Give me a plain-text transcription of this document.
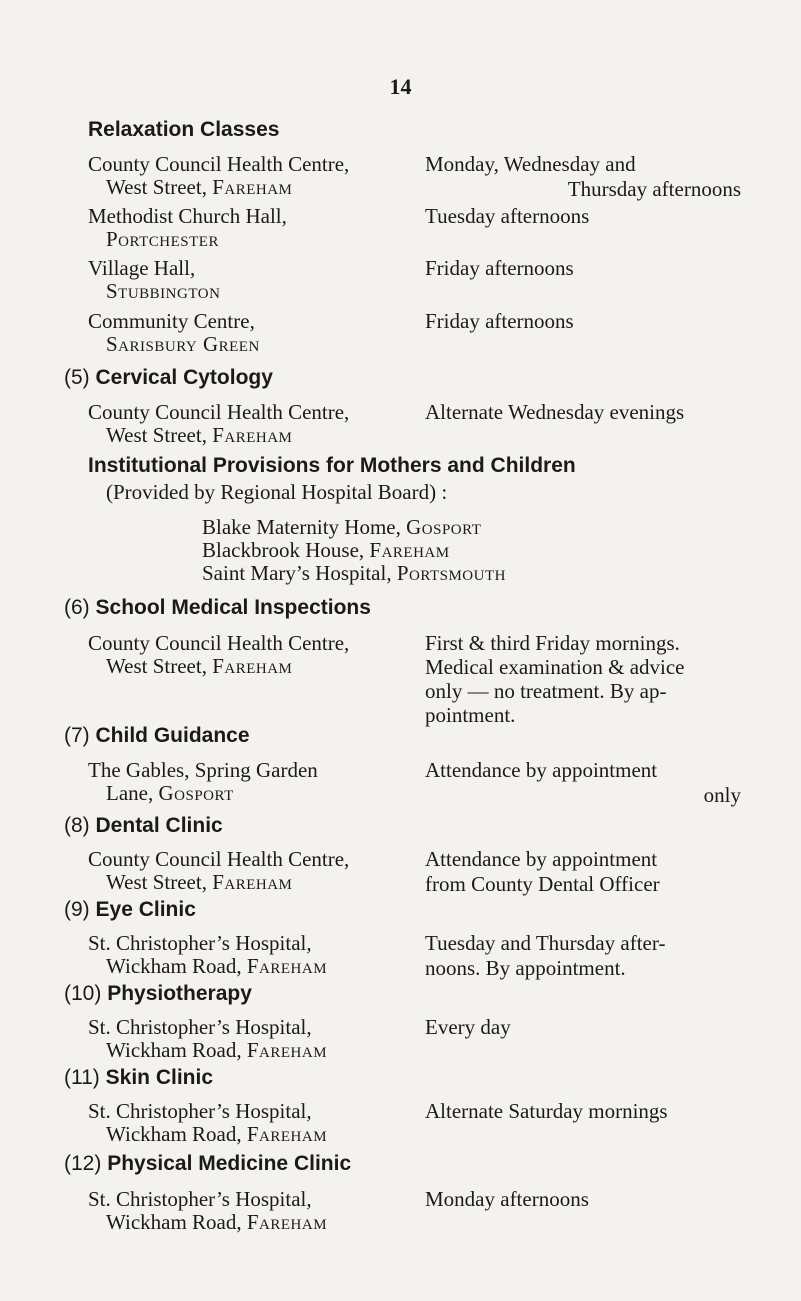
14
Relaxation Classes
County Council Health Centre,
West Street, Fareham
Monday, Wednesday and
Thursday afternoons
Methodist Church Hall,
Portchester
Tuesday afternoons
Village Hall,
Stubbington
Friday afternoons
Community Centre,
Sarisbury Green
Friday afternoons
(5) Cervical Cytology
County Council Health Centre,
West Street, Fareham
Alternate Wednesday evenings
Institutional Provisions for Mothers and Children
(Provided by Regional Hospital Board) :
Blake Maternity Home, Gosport
Blackbrook House, Fareham
Saint Mary’s Hospital, Portsmouth
(6) School Medical Inspections
County Council Health Centre,
West Street, Fareham
First & third Friday mornings.
Medical examination & advice
only — no treatment. By ap-
pointment.
(7) Child Guidance
The Gables, Spring Garden
Lane, Gosport
Attendance by appointment
only
(8) Dental Clinic
County Council Health Centre,
West Street, Fareham
Attendance by appointment
from County Dental Officer
(9) Eye Clinic
St. Christopher’s Hospital,
Wickham Road, Fareham
Tuesday and Thursday after-
noons. By appointment.
(10) Physiotherapy
St. Christopher’s Hospital,
Wickham Road, Fareham
Every day
(11) Skin Clinic
St. Christopher’s Hospital,
Wickham Road, Fareham
Alternate Saturday mornings
(12) Physical Medicine Clinic
St. Christopher’s Hospital,
Wickham Road, Fareham
Monday afternoons
